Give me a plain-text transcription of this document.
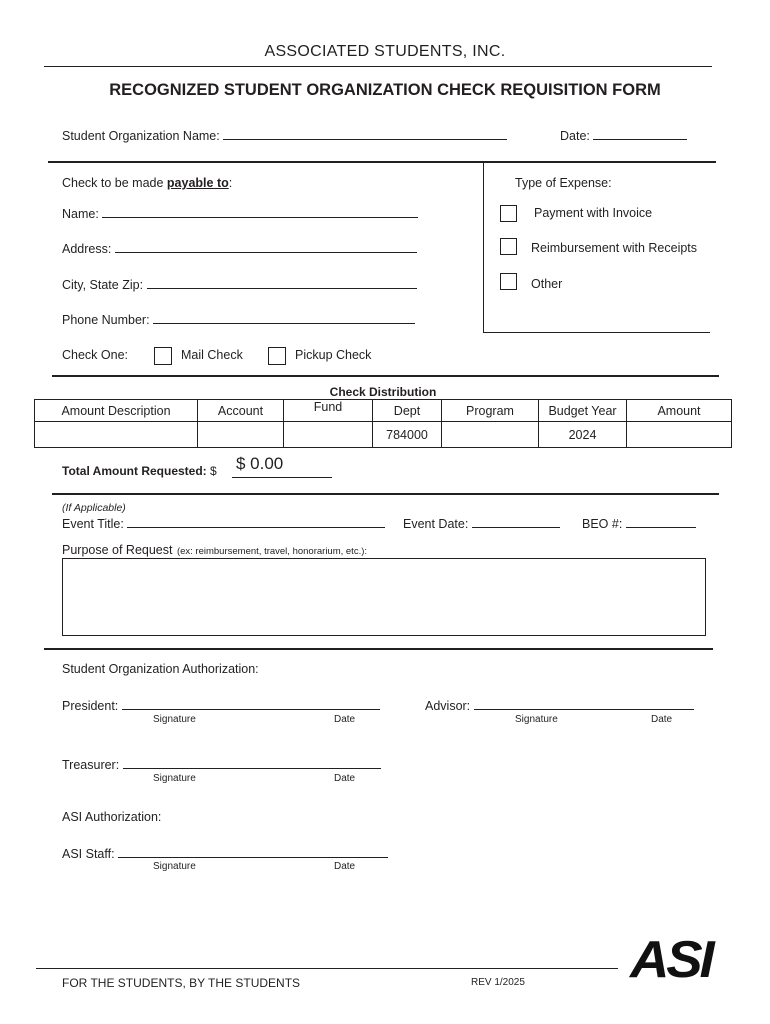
ASSOCIATED STUDENTS, INC.
RECOGNIZED STUDENT ORGANIZATION CHECK REQUISITION FORM
Student Organization Name:	Date:
Check to be made payable to:
Name:
Address:
City, State Zip:
Phone Number:
Check One:	Mail Check	Pickup Check
Type of Expense:
Payment with Invoice
Reimbursement with Receipts
Other
Check Distribution
Amount Description	Account	Fund	Dept	Program	Budget Year	Amount
			784000		2024	
Total Amount Requested: $ $ 0.00
(If Applicable)
Event Title:	Event Date:	BEO #:
Purpose of Request (ex: reimbursement, travel, honorarium, etc.):
Student Organization Authorization:
President:
Signature	Date
Advisor:
Signature	Date
Treasurer:
Signature	Date
ASI Authorization:
ASI Staff:
Signature	Date
FOR THE STUDENTS, BY THE STUDENTS	REV 1/2025 ASI
